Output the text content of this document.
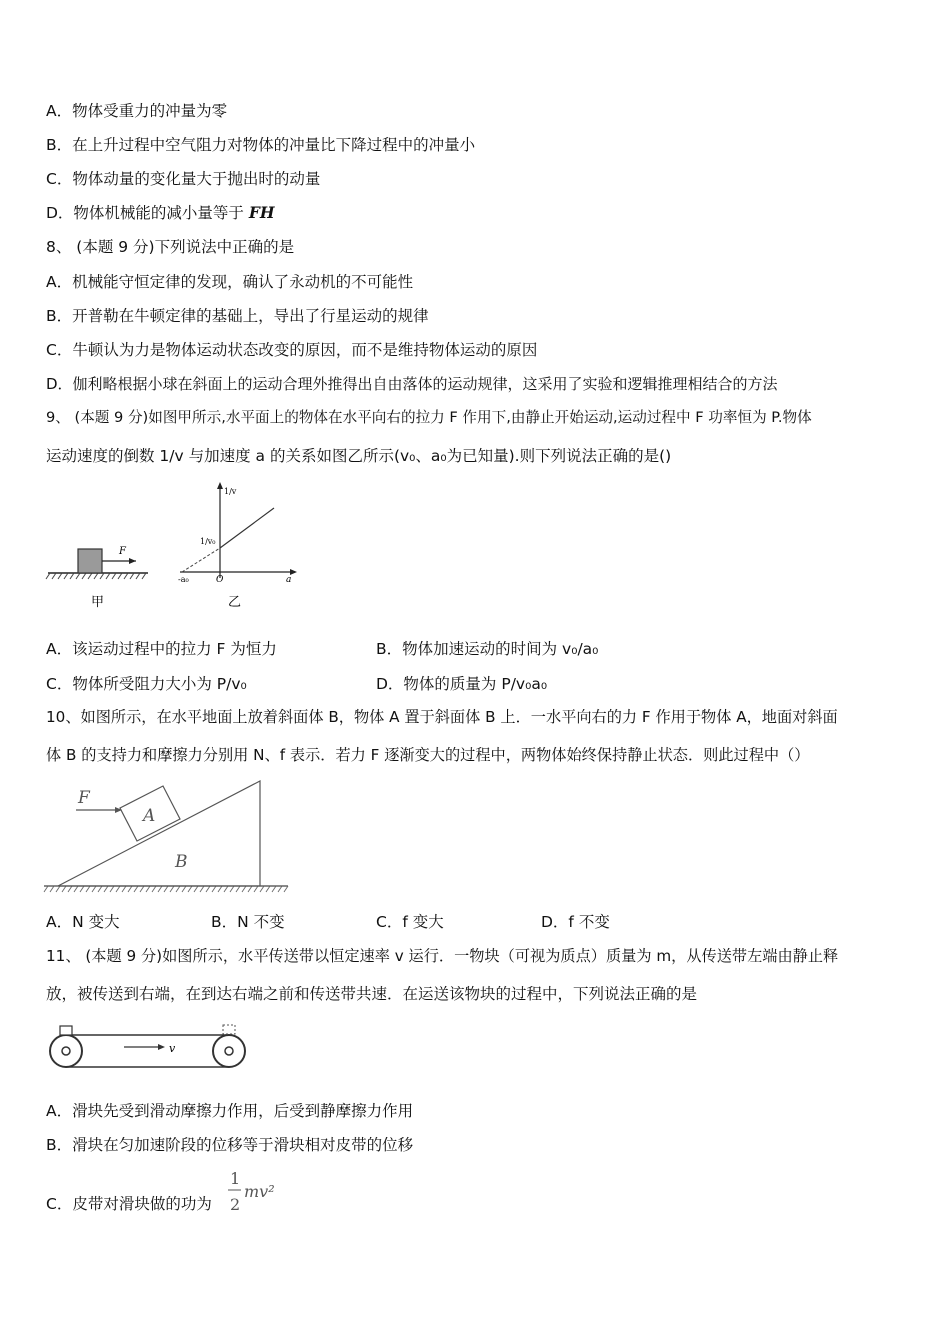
A．物体受重力的冲量为零
B．在上升过程中空气阻力对物体的冲量比下降过程中的冲量小
C．物体动量的变化量大于抛出时的动量
D．物体机械能的减小量等于 FH
8、 (本题 9 分)下列说法中正确的是
A．机械能守恒定律的发现，确认了永动机的不可能性
B．开普勒在牛顿定律的基础上，导出了行星运动的规律
C．牛顿认为力是物体运动状态改变的原因，而不是维持物体运动的原因
D．伽利略根据小球在斜面上的运动合理外推得出自由落体的运动规律，这采用了实验和逻辑推理相结合的方法
9、 (本题 9 分)如图甲所示,水平面上的物体在水平向右的拉力 F 作用下,由静止开始运动,运动过程中 F 功率恒为 P.物体
运动速度的倒数 1/v 与加速度 a 的关系如图乙所示(v₀、a₀为已知量).则下列说法正确的是()
F
甲
1/v
1/v₀
-a₀	O	a
乙
A．该运动过程中的拉力 F 为恒力	B．物体加速运动的时间为 v₀/a₀
C．物体所受阻力大小为 P/v₀	D．物体的质量为 P/v₀a₀
10、如图所示，在水平地面上放着斜面体 B，物体 A 置于斜面体 B 上．一水平向右的力 F 作用于物体 A，地面对斜面
体 B 的支持力和摩擦力分别用 N、f 表示．若力 F 逐渐变大的过程中，两物体始终保持静止状态．则此过程中（）
F
A
B
A．N 变大	B．N 不变	C．f 变大	D．f 不变
11、 (本题 9 分)如图所示，水平传送带以恒定速率 v 运行．一物块（可视为质点）质量为 m，从传送带左端由静止释
放，被传送到右端，在到达右端之前和传送带共速．在运送该物块的过程中，下列说法正确的是
v
A．滑块先受到滑动摩擦力作用，后受到静摩擦力作用
B．滑块在匀加速阶段的位移等于滑块相对皮带的位移
C．皮带对滑块做的功为
1
2
mv²
